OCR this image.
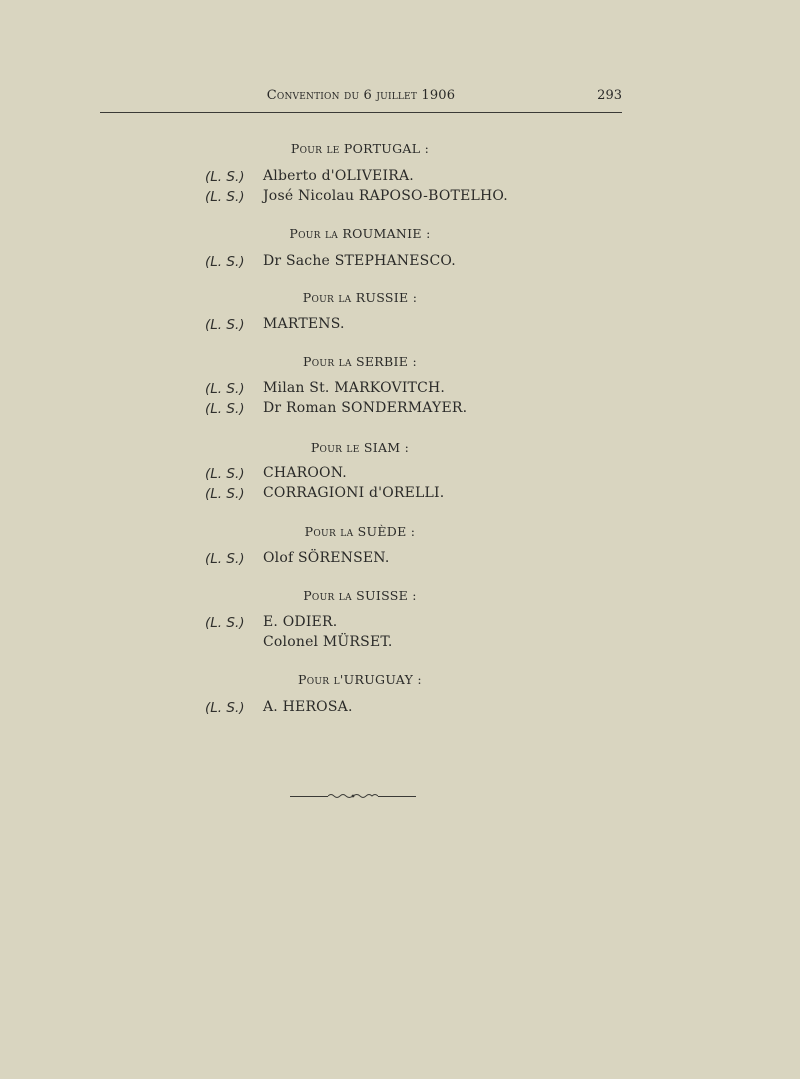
Convention du 6 juillet 1906	293
Pour le PORTUGAL :
(L. S.) Alberto d'OLIVEIRA.
(L. S.) José Nicolau RAPOSO-BOTELHO.
Pour la ROUMANIE :
(L. S.) Dr Sache STEPHANESCO.
Pour la RUSSIE :
(L. S.) MARTENS.
Pour la SERBIE :
(L. S.) Milan St. MARKOVITCH.
(L. S.) Dr Roman SONDERMAYER.
Pour le SIAM :
(L. S.) CHAROON.
(L. S.) CORRAGIONI d'ORELLI.
Pour la SUÈDE :
(L. S.) Olof SÖRENSEN.
Pour la SUISSE :
(L. S.) E. ODIER.
Colonel MÜRSET.
Pour l'URUGUAY :
(L. S.) A. HEROSA.
